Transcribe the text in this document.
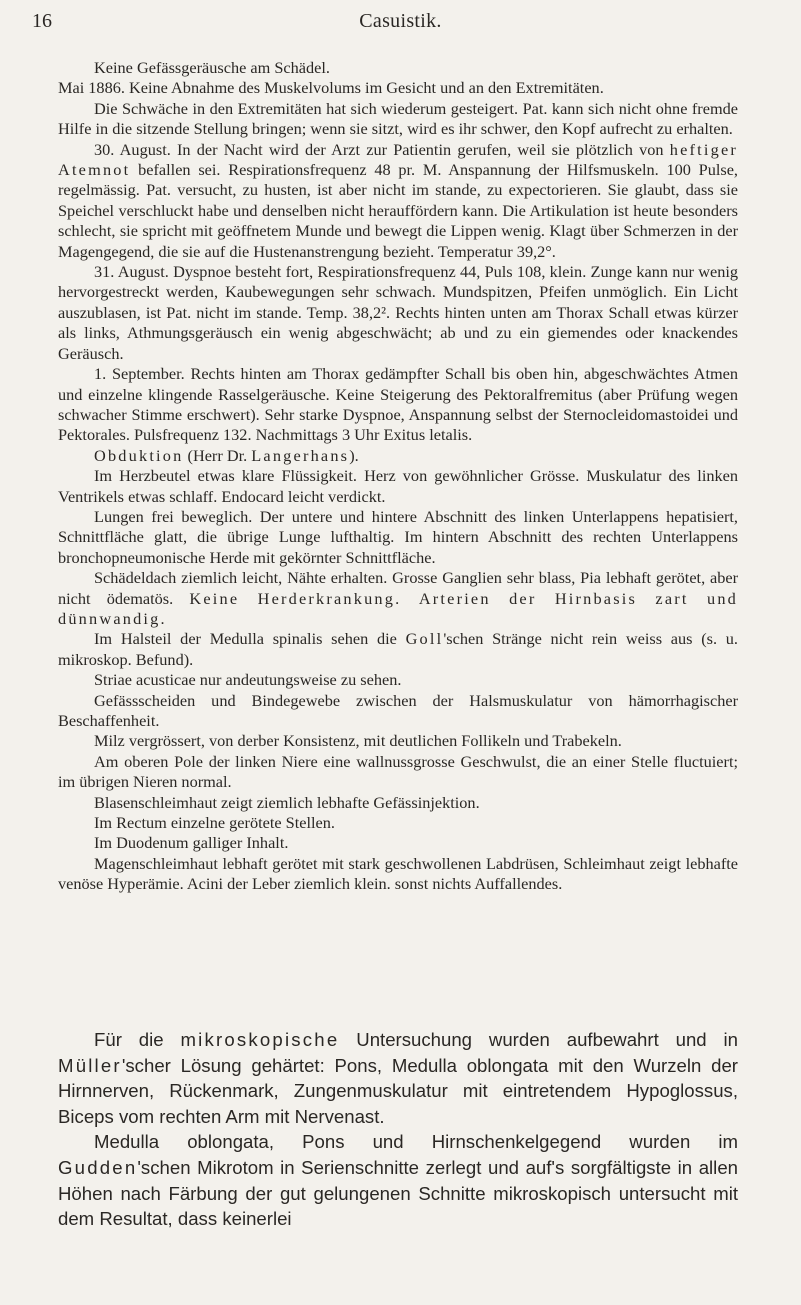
16	Casuistik.

Keine Gefässgeräusche am Schädel.

Mai 1886. Keine Abnahme des Muskelvolums im Gesicht und an den Extremitäten.

Die Schwäche in den Extremitäten hat sich wiederum gesteigert. Pat. kann sich nicht ohne fremde Hilfe in die sitzende Stellung bringen; wenn sie sitzt, wird es ihr schwer, den Kopf aufrecht zu erhalten.

30. August. In der Nacht wird der Arzt zur Patientin gerufen, weil sie plötzlich von heftiger Atemnot befallen sei. Respirationsfrequenz 48 pr. M. Anspannung der Hilfsmuskeln. 100 Pulse, regelmässig. Pat. versucht, zu husten, ist aber nicht im stande, zu expectorieren. Sie glaubt, dass sie Speichel verschluckt habe und denselben nicht herauffördern kann. Die Artikulation ist heute besonders schlecht, sie spricht mit geöffnetem Munde und bewegt die Lippen wenig. Klagt über Schmerzen in der Magengegend, die sie auf die Hustenanstrengung bezieht. Temperatur 39,2°.

31. August. Dyspnoe besteht fort, Respirationsfrequenz 44, Puls 108, klein. Zunge kann nur wenig hervorgestreckt werden, Kaubewegungen sehr schwach. Mundspitzen, Pfeifen unmöglich. Ein Licht auszublasen, ist Pat. nicht im stande. Temp. 38,2². Rechts hinten unten am Thorax Schall etwas kürzer als links, Athmungsgeräusch ein wenig abgeschwächt; ab und zu ein giemendes oder knackendes Geräusch.

1. September. Rechts hinten am Thorax gedämpfter Schall bis oben hin, abgeschwächtes Atmen und einzelne klingende Rasselgeräusche. Keine Steigerung des Pektoralfremitus (aber Prüfung wegen schwacher Stimme erschwert). Sehr starke Dyspnoe, Anspannung selbst der Sternocleidomastoidei und Pektorales. Pulsfrequenz 132. Nachmittags 3 Uhr Exitus letalis.

Obduktion (Herr Dr. Langerhans).

Im Herzbeutel etwas klare Flüssigkeit. Herz von gewöhnlicher Grösse. Muskulatur des linken Ventrikels etwas schlaff. Endocard leicht verdickt.

Lungen frei beweglich. Der untere und hintere Abschnitt des linken Unterlappens hepatisiert, Schnittfläche glatt, die übrige Lunge lufthaltig. Im hintern Abschnitt des rechten Unterlappens bronchopneumonische Herde mit gekörnter Schnittfläche.

Schädeldach ziemlich leicht, Nähte erhalten. Grosse Ganglien sehr blass, Pia lebhaft gerötet, aber nicht ödematös. Keine Herderkrankung. Arterien der Hirnbasis zart und dünnwandig.

Im Halsteil der Medulla spinalis sehen die Goll'schen Stränge nicht rein weiss aus (s. u. mikroskop. Befund).

Striae acusticae nur andeutungsweise zu sehen.

Gefässscheiden und Bindegewebe zwischen der Halsmuskulatur von hämorrhagischer Beschaffenheit.

Milz vergrössert, von derber Konsistenz, mit deutlichen Follikeln und Trabekeln.

Am oberen Pole der linken Niere eine wallnussgrosse Geschwulst, die an einer Stelle fluctuiert; im übrigen Nieren normal.

Blasenschleimhaut zeigt ziemlich lebhafte Gefässinjektion.

Im Rectum einzelne gerötete Stellen.

Im Duodenum galliger Inhalt.

Magenschleimhaut lebhaft gerötet mit stark geschwollenen Labdrüsen, Schleimhaut zeigt lebhafte venöse Hyperämie. Acini der Leber ziemlich klein. sonst nichts Auffallendes.

Für die mikroskopische Untersuchung wurden aufbewahrt und in Müller'scher Lösung gehärtet: Pons, Medulla oblongata mit den Wurzeln der Hirnnerven, Rückenmark, Zungenmuskulatur mit eintretendem Hypoglossus, Biceps vom rechten Arm mit Nervenast.

Medulla oblongata, Pons und Hirnschenkelgegend wurden im Gudden'schen Mikrotom in Serienschnitte zerlegt und auf's sorgfältigste in allen Höhen nach Färbung der gut gelungenen Schnitte mikroskopisch untersucht mit dem Resultat, dass keinerlei
